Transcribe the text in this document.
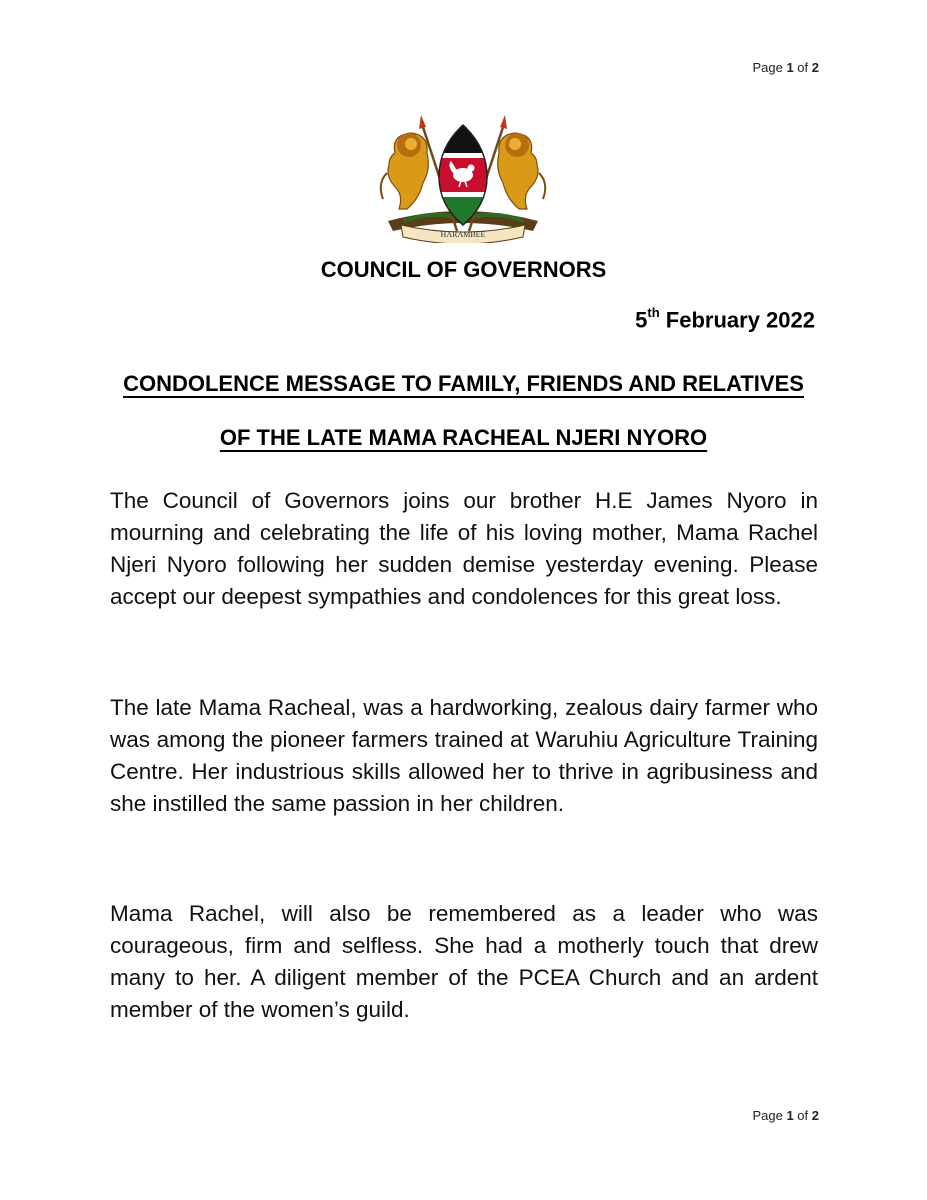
Page 1 of 2
HARAMBEE
COUNCIL OF GOVERNORS
5th February 2022
CONDOLENCE MESSAGE TO FAMILY, FRIENDS AND RELATIVES
OF THE LATE MAMA RACHEAL NJERI NYORO

The Council of Governors joins our brother H.E James Nyoro in mourning and celebrating the life of his loving mother, Mama Rachel Njeri Nyoro following her sudden demise yesterday evening. Please accept our deepest sympathies and condolences for this great loss.

The late Mama Racheal, was a hardworking, zealous dairy farmer who was among the pioneer farmers trained at Waruhiu Agriculture Training Centre. Her industrious skills allowed her to thrive in agribusiness and she instilled the same passion in her children.

Mama Rachel, will also be remembered as a leader who was courageous, firm and selfless. She had a motherly touch that drew many to her. A diligent member of the PCEA Church and an ardent member of the women’s guild.

Page 1 of 2
